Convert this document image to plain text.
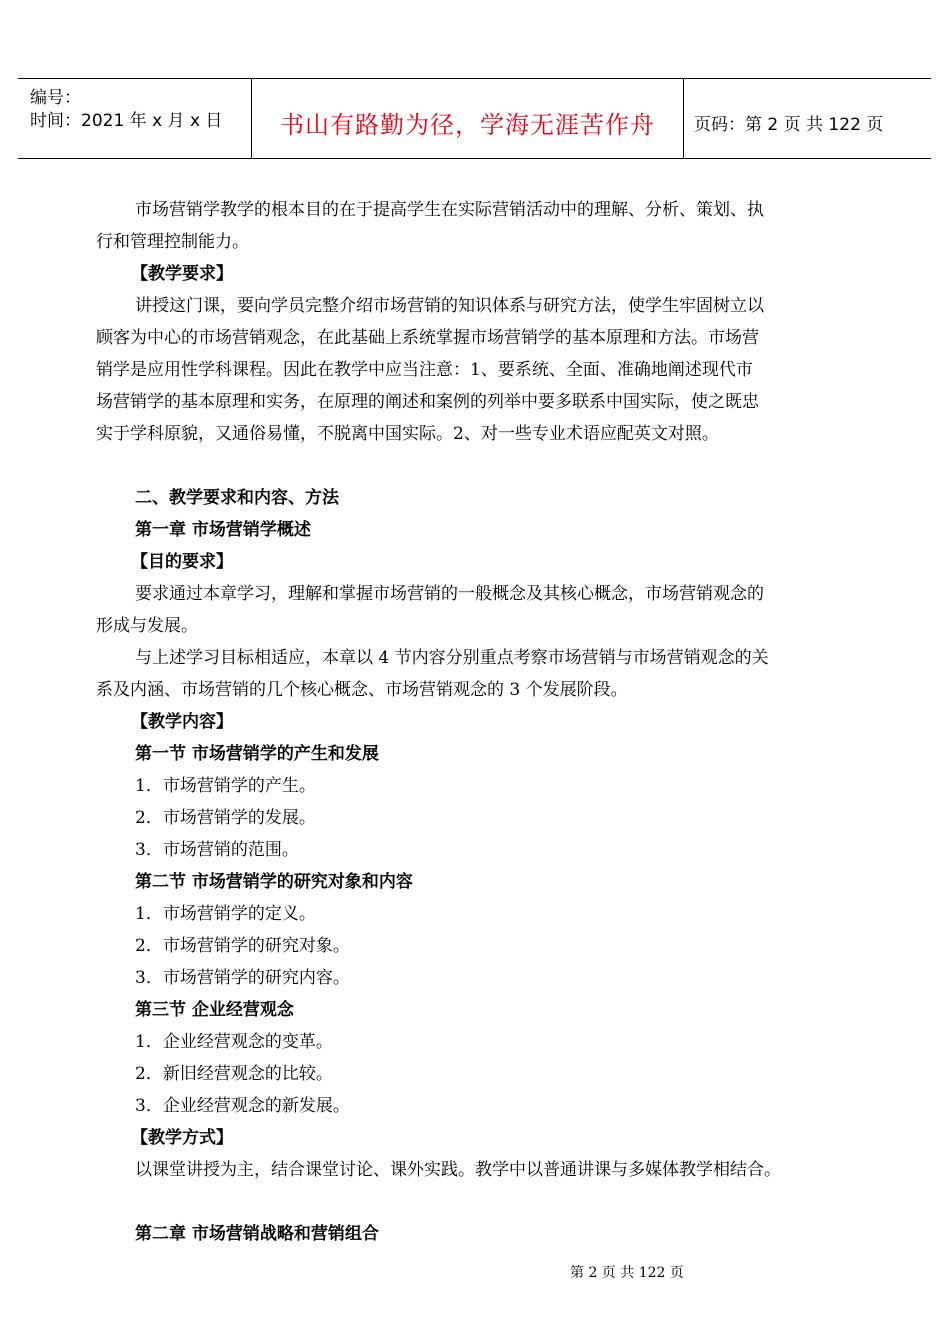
编号：
时间：2021 年 x 月 x 日	书山有路勤为径，学海无涯苦作舟	页码：第 2 页 共 122 页
市场营销学教学的根本目的在于提高学生在实际营销活动中的理解、分析、策划、执
行和管理控制能力。
【教学要求】
讲授这门课，要向学员完整介绍市场营销的知识体系与研究方法，使学生牢固树立以
顾客为中心的市场营销观念，在此基础上系统掌握市场营销学的基本原理和方法。市场营
销学是应用性学科课程。因此在教学中应当注意：1、要系统、全面、准确地阐述现代市
场营销学的基本原理和实务，在原理的阐述和案例的列举中要多联系中国实际，使之既忠
实于学科原貌，又通俗易懂，不脱离中国实际。2、对一些专业术语应配英文对照。
二、教学要求和内容、方法
第一章 市场营销学概述
【目的要求】
要求通过本章学习，理解和掌握市场营销的一般概念及其核心概念，市场营销观念的
形成与发展。
与上述学习目标相适应，本章以 4 节内容分别重点考察市场营销与市场营销观念的关
系及内涵、市场营销的几个核心概念、市场营销观念的 3 个发展阶段。
【教学内容】
第一节 市场营销学的产生和发展
1．市场营销学的产生。
2．市场营销学的发展。
3．市场营销的范围。
第二节 市场营销学的研究对象和内容
1．市场营销学的定义。
2．市场营销学的研究对象。
3．市场营销学的研究内容。
第三节 企业经营观念
1．企业经营观念的变革。
2．新旧经营观念的比较。
3．企业经营观念的新发展。
【教学方式】
以课堂讲授为主，结合课堂讨论、课外实践。教学中以普通讲课与多媒体教学相结合。
第二章 市场营销战略和营销组合
第 2 页 共 122 页
